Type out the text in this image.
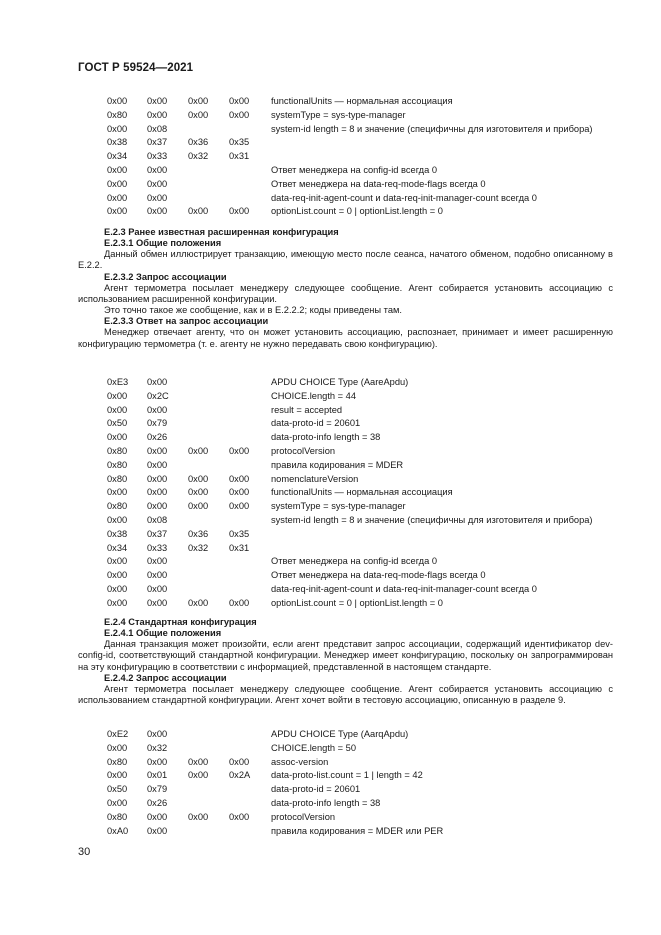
ГОСТ Р 59524—2021
0x00 0x00 0x00 0x00 functionalUnits — нормальная ассоциация
0x80 0x00 0x00 0x00 systemType = sys-type-manager
0x00 0x08	system-id length = 8 и значение (специфичны для изготовителя и прибора)
0x38 0x37 0x36 0x35
0x34 0x33 0x32 0x31
0x00 0x00	Ответ менеджера на config-id всегда 0
0x00 0x00	Ответ менеджера на data-req-mode-flags всегда 0
0x00 0x00	data-req-init-agent-count и data-req-init-manager-count всегда 0
0x00 0x00 0x00 0x00 optionList.count = 0 | optionList.length = 0
Е.2.3 Ранее известная расширенная конфигурация
Е.2.3.1 Общие положения

Данный обмен иллюстрирует транзакцию, имеющую место после сеанса, начатого обменом, подобно описанному в Е.2.2.

Е.2.3.2 Запрос ассоциации

Агент термометра посылает менеджеру следующее сообщение. Агент собирается установить ассоциацию с использованием расширенной конфигурации.

Это точно такое же сообщение, как и в Е.2.2.2; коды приведены там.

Е.2.3.3 Ответ на запрос ассоциации

Менеджер отвечает агенту, что он может установить ассоциацию, распознает, принимает и имеет расширенную конфигурацию термометра (т. е. агенту не нужно передавать свою конфигурацию).

0xE3 0x00	APDU CHOICE Type (AareApdu)
0x00 0x2C	CHOICE.length = 44
0x00 0x00	result = accepted
0x50 0x79	data-proto-id = 20601
0x00 0x26	data-proto-info length = 38
0x80 0x00 0x00 0x00 protocolVersion
0x80 0x00	правила кодирования = MDER
0x80 0x00 0x00 0x00 nomenclatureVersion
0x00 0x00 0x00 0x00 functionalUnits — нормальная ассоциация
0x80 0x00 0x00 0x00 systemType = sys-type-manager
0x00 0x08	system-id length = 8 и значение (специфичны для изготовителя и прибора)
0x38 0x37 0x36 0x35
0x34 0x33 0x32 0x31
0x00 0x00	Ответ менеджера на config-id всегда 0
0x00 0x00	Ответ менеджера на data-req-mode-flags всегда 0
0x00 0x00	data-req-init-agent-count и data-req-init-manager-count всегда 0
0x00 0x00 0x00 0x00 optionList.count = 0 | optionList.length = 0
Е.2.4 Стандартная конфигурация
Е.2.4.1 Общие положения

Данная транзакция может произойти, если агент представит запрос ассоциации, содержащий идентификатор dev-config-id, соответствующий стандартной конфигурации. Менеджер имеет конфигурацию, поскольку он запрограммирован на эту конфигурацию в соответствии с информацией, представленной в настоящем стандарте.

Е.2.4.2 Запрос ассоциации

Агент термометра посылает менеджеру следующее сообщение. Агент собирается установить ассоциацию с использованием стандартной конфигурации. Агент хочет войти в тестовую ассоциацию, описанную в разделе 9.

0xE2 0x00	APDU CHOICE Type (AarqApdu)
0x00 0x32	CHOICE.length = 50
0x80 0x00 0x00 0x00 assoc-version
0x00 0x01 0x00 0x2A data-proto-list.count = 1 | length = 42
0x50 0x79	data-proto-id = 20601
0x00 0x26	data-proto-info length = 38
0x80 0x00 0x00 0x00 protocolVersion
0xA0 0x00	правила кодирования = MDER или PER
30
